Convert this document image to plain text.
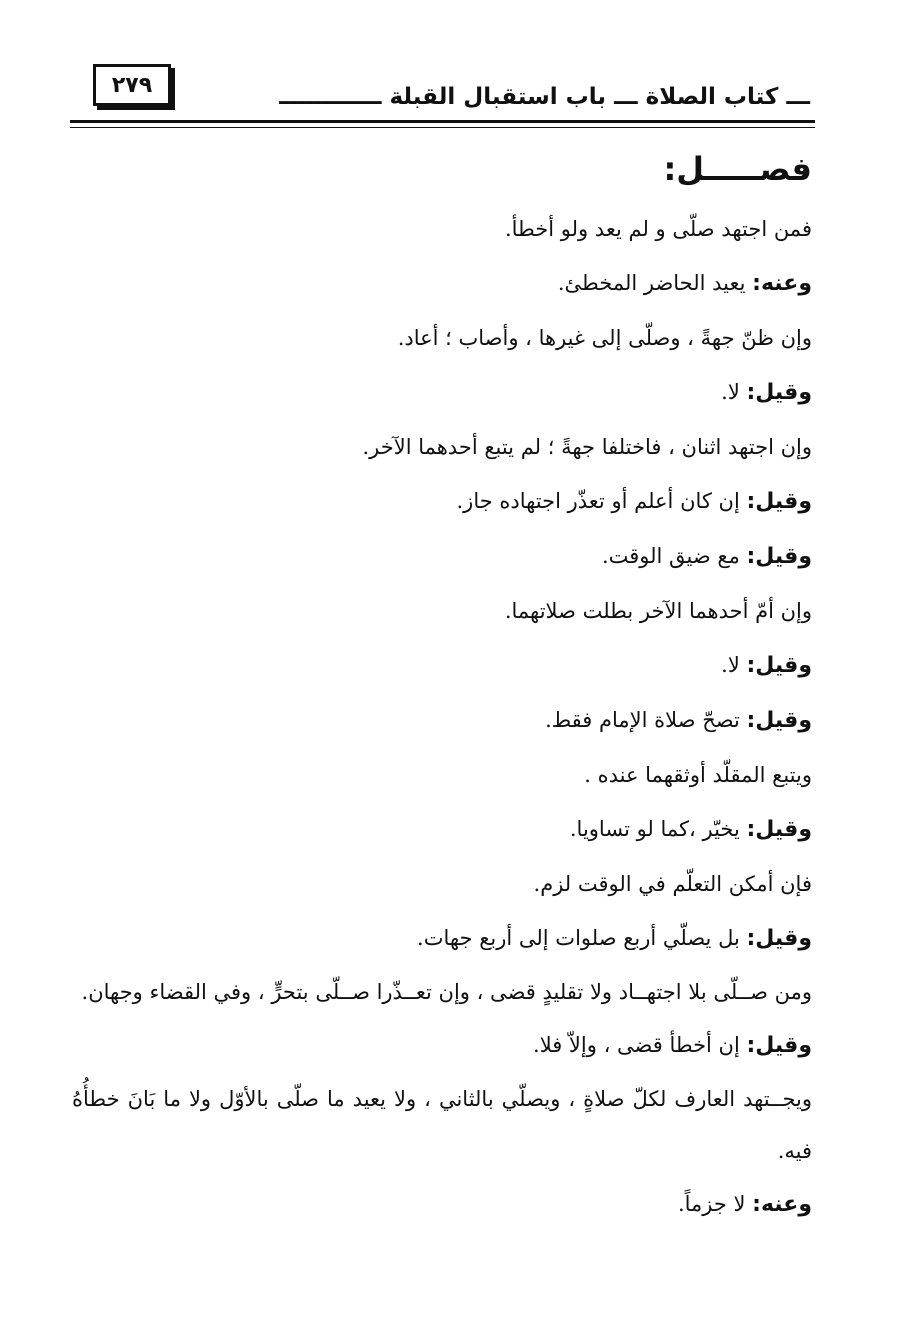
٢٧٩	ـــ كتاب الصلاة ـــ باب استقبال القبلة ـــــــــــــ
فصـــــل:

فمن اجتهد صلّى و لم يعد ولو أخطأ.

وعنه: يعيد الحاضر المخطئ.

وإن ظنّ جهةً ، وصلّى إلى غيرها ، وأصاب ؛ أعاد.

وقيل: لا.

وإن اجتهد اثنان ، فاختلفا جهةً ؛ لم يتبع أحدهما الآخر.

وقيل: إن كان أعلم أو تعذّر اجتهاده جاز.

وقيل: مع ضيق الوقت.

وإن أمّ أحدهما الآخر بطلت صلاتهما.

وقيل: لا.

وقيل: تصحّ صلاة الإمام فقط.

ويتبع المقلّد أوثقهما عنده .

وقيل: يخيّر ،كما لو تساويا.

فإن أمكن التعلّم في الوقت لزم.

وقيل: بل يصلّي أربع صلوات إلى أربع جهات.

ومن صــلّى بلا اجتهــاد ولا تقليدٍ قضى ، وإن تعــذّرا صــلّى بتحرٍّ ، وفي القضاء وجهان.

وقيل: إن أخطأ قضى ، وإلاّ فلا.

ويجــتهد العارف لكلّ صلاةٍ ، ويصلّي بالثاني ، ولا يعيد ما صلّى بالأوّل ولا ما بَانَ خطأُهُ فيه.

وعنه: لا جزماً.
